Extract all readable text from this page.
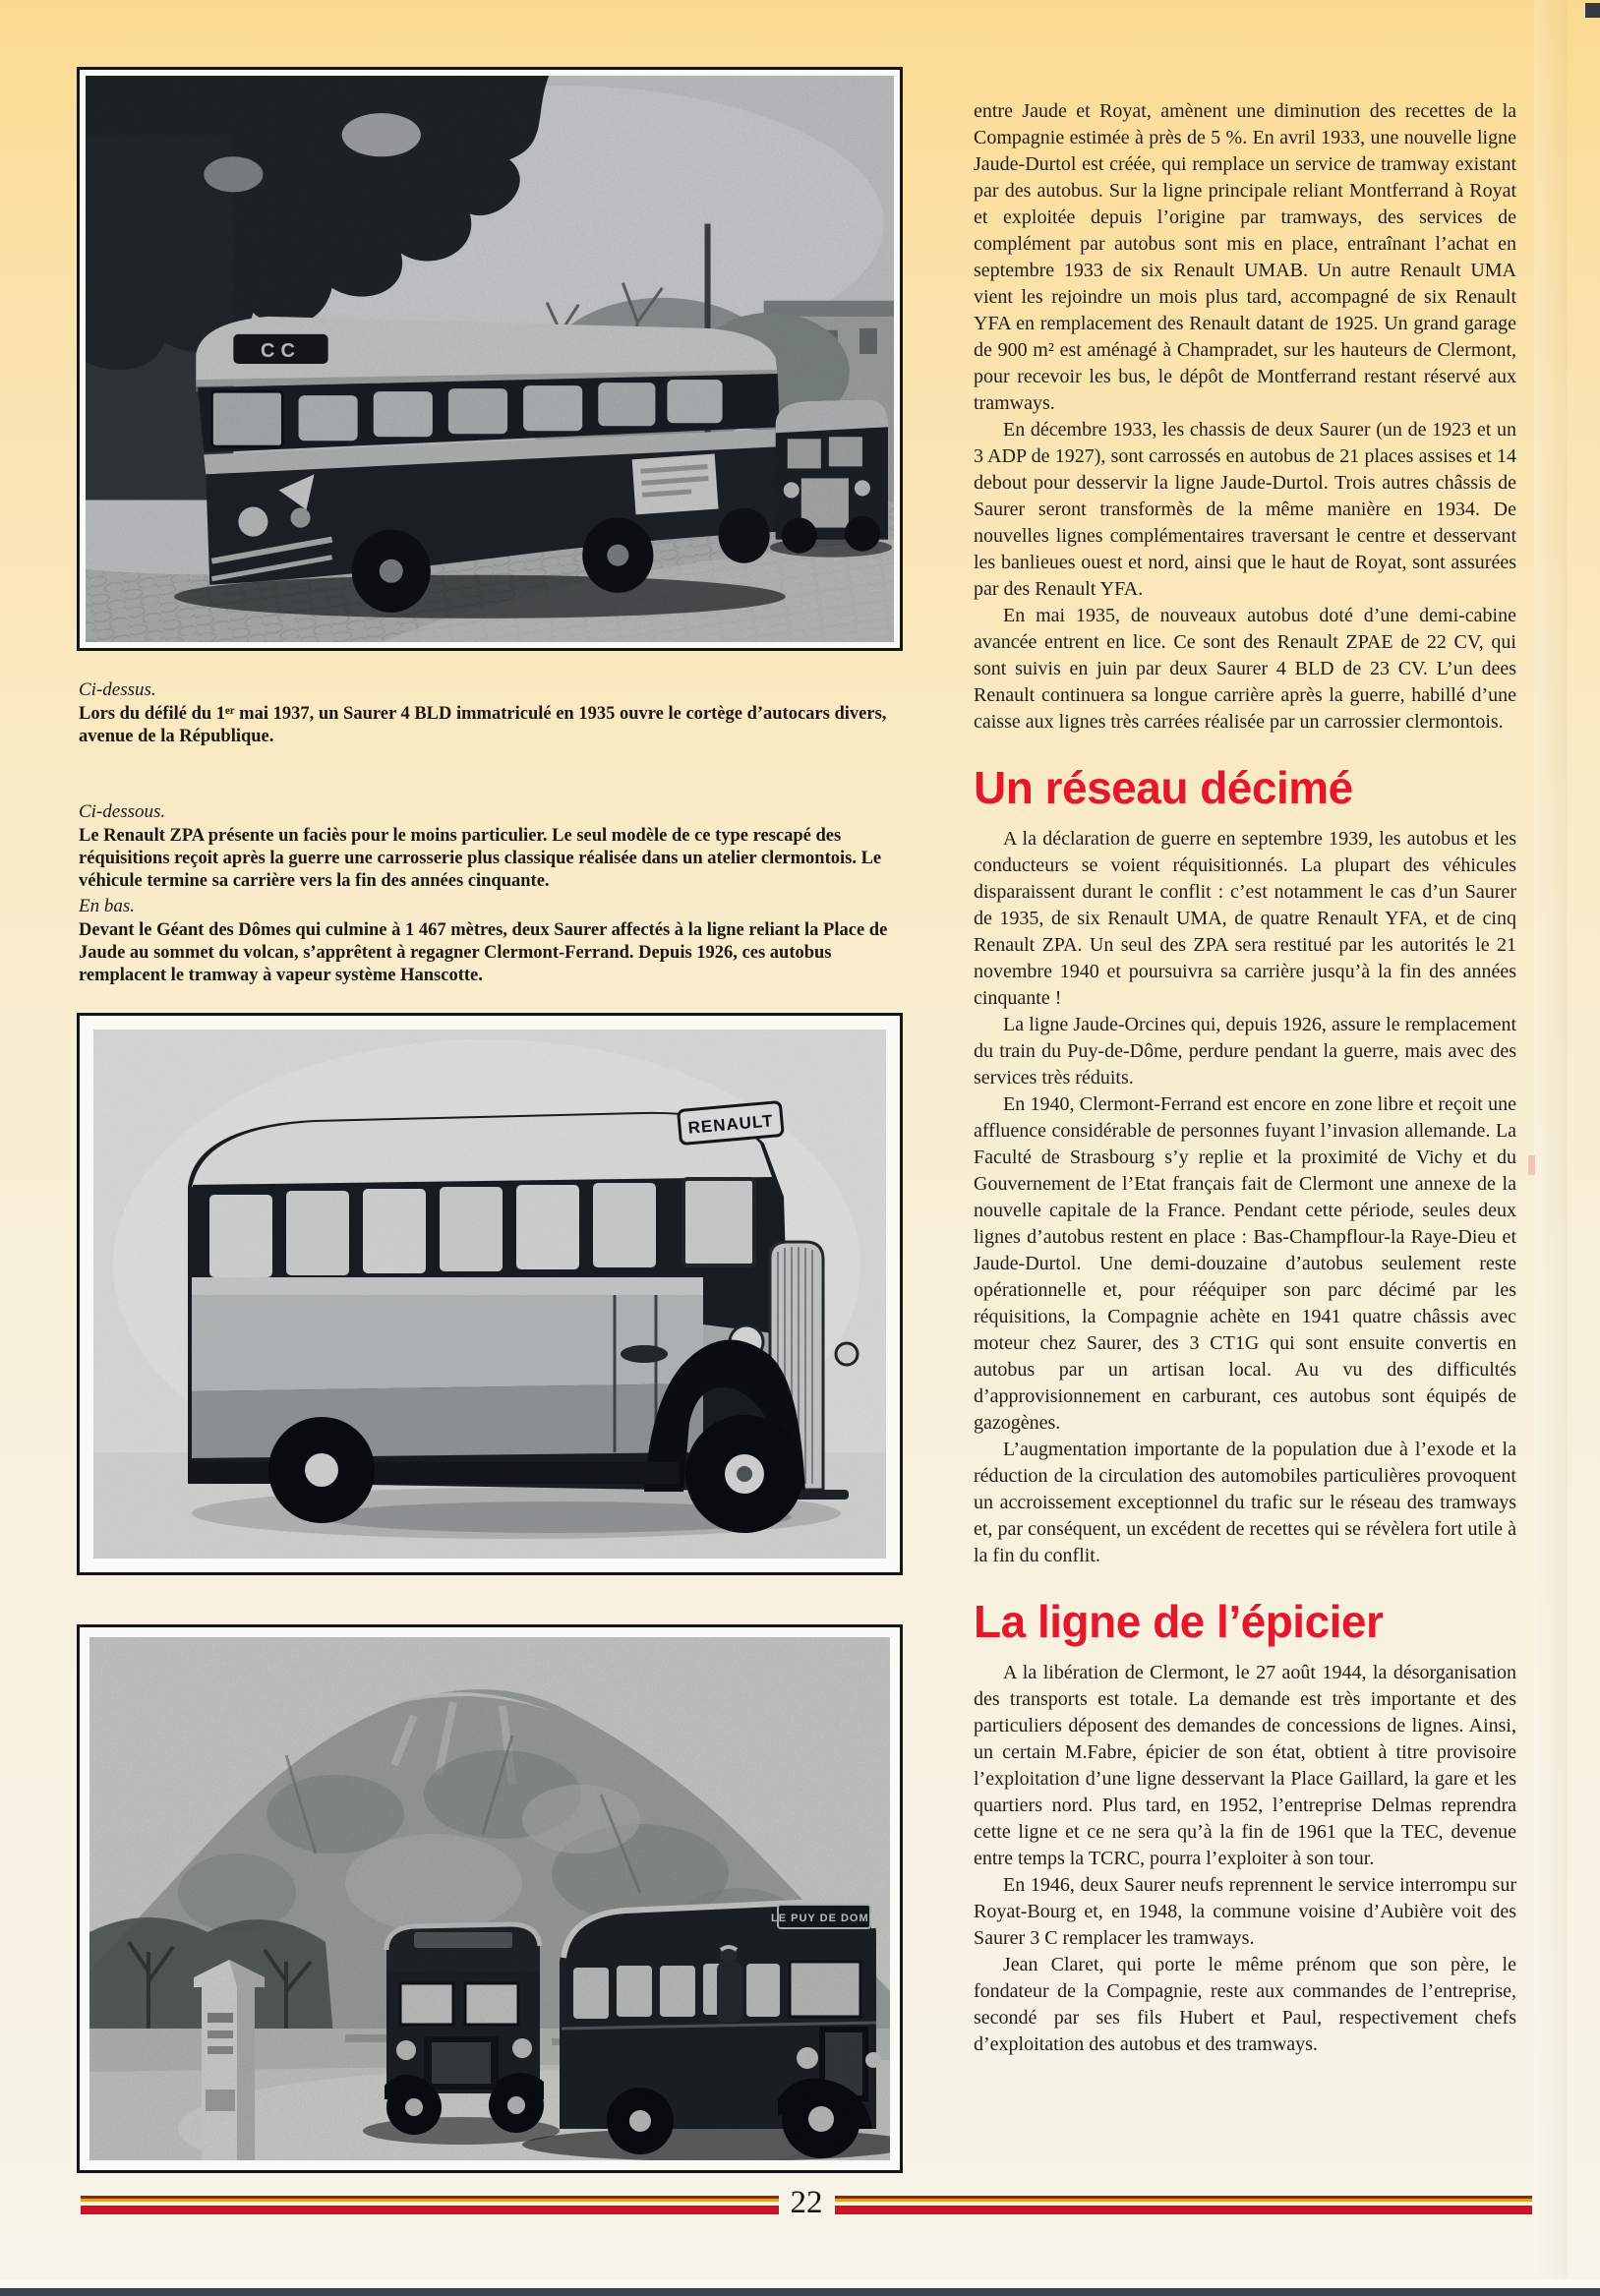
CC
Ci-dessus.
Lors du défilé du 1ᵉʳ mai 1937, un Saurer 4 BLD immatriculé en 1935 ouvre le cortège d’autocars divers, avenue de la République.
Ci-dessous.
Le Renault ZPA présente un faciès pour le moins particulier. Le seul modèle de ce type rescapé des réquisitions reçoit après la guerre une carrosserie plus classique réalisée dans un atelier clermontois. Le véhicule termine sa carrière vers la fin des années cinquante.
En bas.
Devant le Géant des Dômes qui culmine à 1 467 mètres, deux Saurer affectés à la ligne reliant la Place de Jaude au sommet du volcan, s’apprêtent à regagner Clermont-Ferrand. Depuis 1926, ces autobus remplacent le tramway à vapeur système Hanscotte.
RENAULT
LE PUY DE DOME

entre Jaude et Royat, amènent une diminution des recettes de la Compagnie estimée à près de 5 %. En avril 1933, une nouvelle ligne Jaude-Durtol est créée, qui remplace un service de tramway existant par des autobus. Sur la ligne principale reliant Montferrand à Royat et exploitée depuis l’origine par tramways, des services de complément par autobus sont mis en place, entraînant l’achat en septembre 1933 de six Renault UMAB. Un autre Renault UMA vient les rejoindre un mois plus tard, accompagné de six Renault YFA en remplacement des Renault datant de 1925. Un grand garage de 900 m² est aménagé à Champradet, sur les hauteurs de Clermont, pour recevoir les bus, le dépôt de Montferrand restant réservé aux tramways.

En décembre 1933, les chassis de deux Saurer (un de 1923 et un 3 ADP de 1927), sont carrossés en autobus de 21 places assises et 14 debout pour desservir la ligne Jaude-Durtol. Trois autres châssis de Saurer seront transformès de la même manière en 1934. De nouvelles lignes complémentaires traversant le centre et desservant les banlieues ouest et nord, ainsi que le haut de Royat, sont assurées par des Renault YFA.

En mai 1935, de nouveaux autobus doté d’une demi-cabine avancée entrent en lice. Ce sont des Renault ZPAE de 22 CV, qui sont suivis en juin par deux Saurer 4 BLD de 23 CV. L’un dees Renault continuera sa longue carrière après la guerre, habillé d’une caisse aux lignes très carrées réalisée par un carrossier clermontois.

Un réseau décimé

A la déclaration de guerre en septembre 1939, les autobus et les conducteurs se voient réquisitionnés. La plupart des véhicules disparaissent durant le conflit : c’est notamment le cas d’un Saurer de 1935, de six Renault UMA, de quatre Renault YFA, et de cinq Renault ZPA. Un seul des ZPA sera restitué par les autorités le 21 novembre 1940 et poursuivra sa carrière jusqu’à la fin des années cinquante !

La ligne Jaude-Orcines qui, depuis 1926, assure le remplacement du train du Puy-de-Dôme, perdure pendant la guerre, mais avec des services très réduits.

En 1940, Clermont-Ferrand est encore en zone libre et reçoit une affluence considérable de personnes fuyant l’invasion allemande. La Faculté de Strasbourg s’y replie et la proximité de Vichy et du Gouvernement de l’Etat français fait de Clermont une annexe de la nouvelle capitale de la France. Pendant cette période, seules deux lignes d’autobus restent en place : Bas-Champflour-la Raye-Dieu et Jaude-Durtol. Une demi-douzaine d’autobus seulement reste opérationnelle et, pour rééquiper son parc décimé par les réquisitions, la Compagnie achète en 1941 quatre châssis avec moteur chez Saurer, des 3 CT1G qui sont ensuite convertis en autobus par un artisan local. Au vu des difficultés d’approvisionnement en carburant, ces autobus sont équipés de gazogènes.

L’augmentation importante de la population due à l’exode et la réduction de la circulation des automobiles particulières provoquent un accroissement exceptionnel du trafic sur le réseau des tramways et, par conséquent, un excédent de recettes qui se révèlera fort utile à la fin du conflit.

La ligne de l’épicier

A la libération de Clermont, le 27 août 1944, la désorganisation des transports est totale. La demande est très importante et des particuliers déposent des demandes de concessions de lignes. Ainsi, un certain M.Fabre, épicier de son état, obtient à titre provisoire l’exploitation d’une ligne desservant la Place Gaillard, la gare et les quartiers nord. Plus tard, en 1952, l’entreprise Delmas reprendra cette ligne et ce ne sera qu’à la fin de 1961 que la TEC, devenue entre temps la TCRC, pourra l’exploiter à son tour.

En 1946, deux Saurer neufs reprennent le service interrompu sur Royat-Bourg et, en 1948, la commune voisine d’Aubière voit des Saurer 3 C remplacer les tramways.

Jean Claret, qui porte le même prénom que son père, le fondateur de la Compagnie, reste aux commandes de l’entreprise, secondé par ses fils Hubert et Paul, respectivement chefs d’exploitation des autobus et des tramways.

22
